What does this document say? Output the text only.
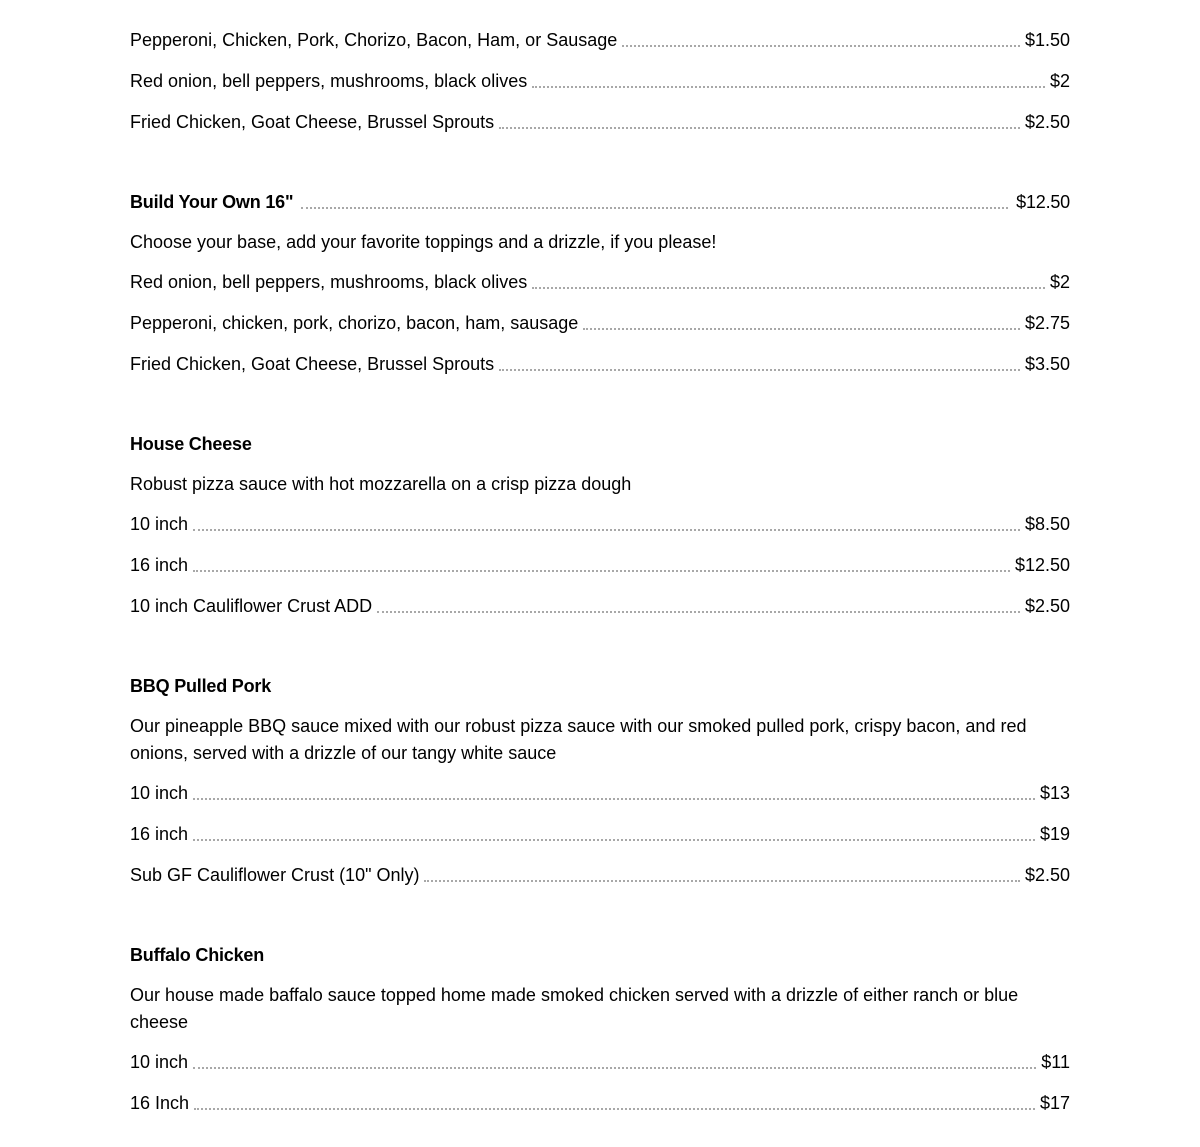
Pepperoni, Chicken, Pork, Chorizo, Bacon, Ham, or Sausage	$1.50
Red onion, bell peppers, mushrooms, black olives	$2
Fried Chicken, Goat Cheese, Brussel Sprouts	$2.50
Build Your Own 16"	$12.50
Choose your base, add your favorite toppings and a drizzle, if you please!
Red onion, bell peppers, mushrooms, black olives	$2
Pepperoni, chicken, pork, chorizo, bacon, ham, sausage	$2.75
Fried Chicken, Goat Cheese, Brussel Sprouts	$3.50
House Cheese
Robust pizza sauce with hot mozzarella on a crisp pizza dough
10 inch	$8.50
16 inch	$12.50
10 inch Cauliflower Crust ADD	$2.50
BBQ Pulled Pork
Our pineapple BBQ sauce mixed with our robust pizza sauce with our smoked pulled pork, crispy bacon, and red onions, served with a drizzle of our tangy white sauce
10 inch	$13
16 inch	$19
Sub GF Cauliflower Crust (10" Only)	$2.50
Buffalo Chicken
Our house made baffalo sauce topped home made smoked chicken served with a drizzle of either ranch or blue cheese
10 inch	$11
16 Inch	$17
